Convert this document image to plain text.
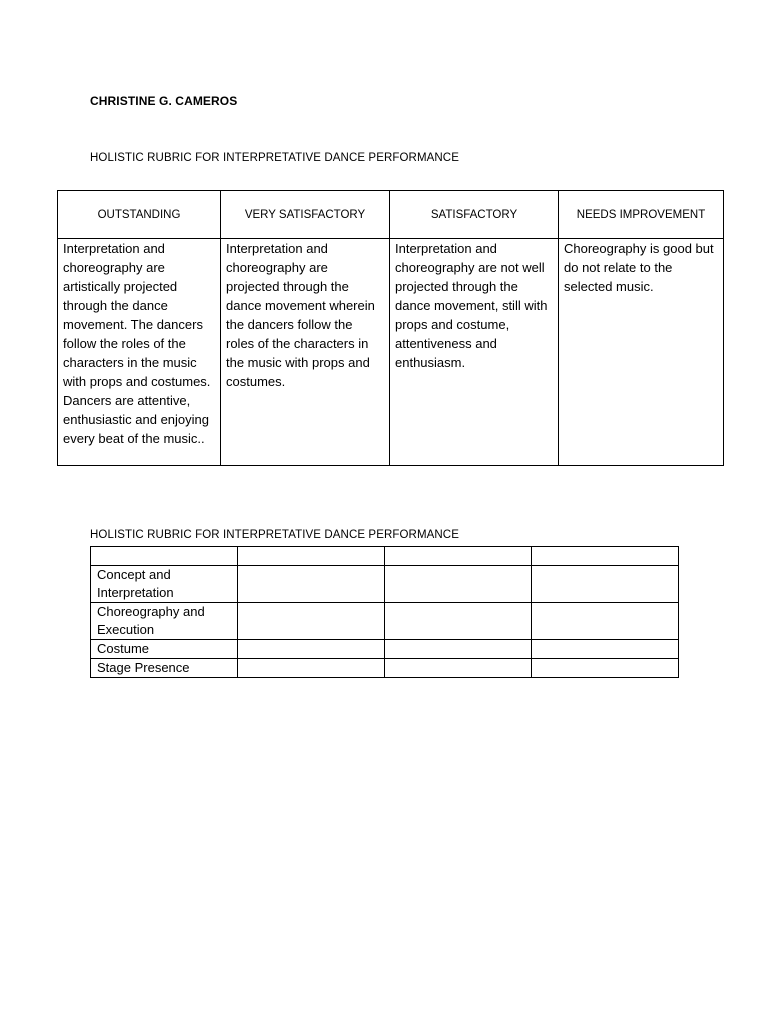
CHRISTINE G. CAMEROS
HOLISTIC RUBRIC FOR INTERPRETATIVE DANCE PERFORMANCE
OUTSTANDING	VERY SATISFACTORY	SATISFACTORY	NEEDS IMPROVEMENT
Interpretation and choreography are artistically projected through the dance movement. The dancers follow the roles of the characters in the music with props and costumes. Dancers are attentive, enthusiastic and enjoying every beat of the music..	Interpretation and choreography are projected through the dance movement wherein the dancers follow the roles of the characters in the music with props and costumes.	Interpretation and choreography are not well projected through the dance movement, still with props and costume, attentiveness and enthusiasm.	Choreography is good but do not relate to the selected music.
HOLISTIC RUBRIC FOR INTERPRETATIVE DANCE PERFORMANCE

Concept and Interpretation			
Choreography and Execution			
Costume			
Stage Presence			
